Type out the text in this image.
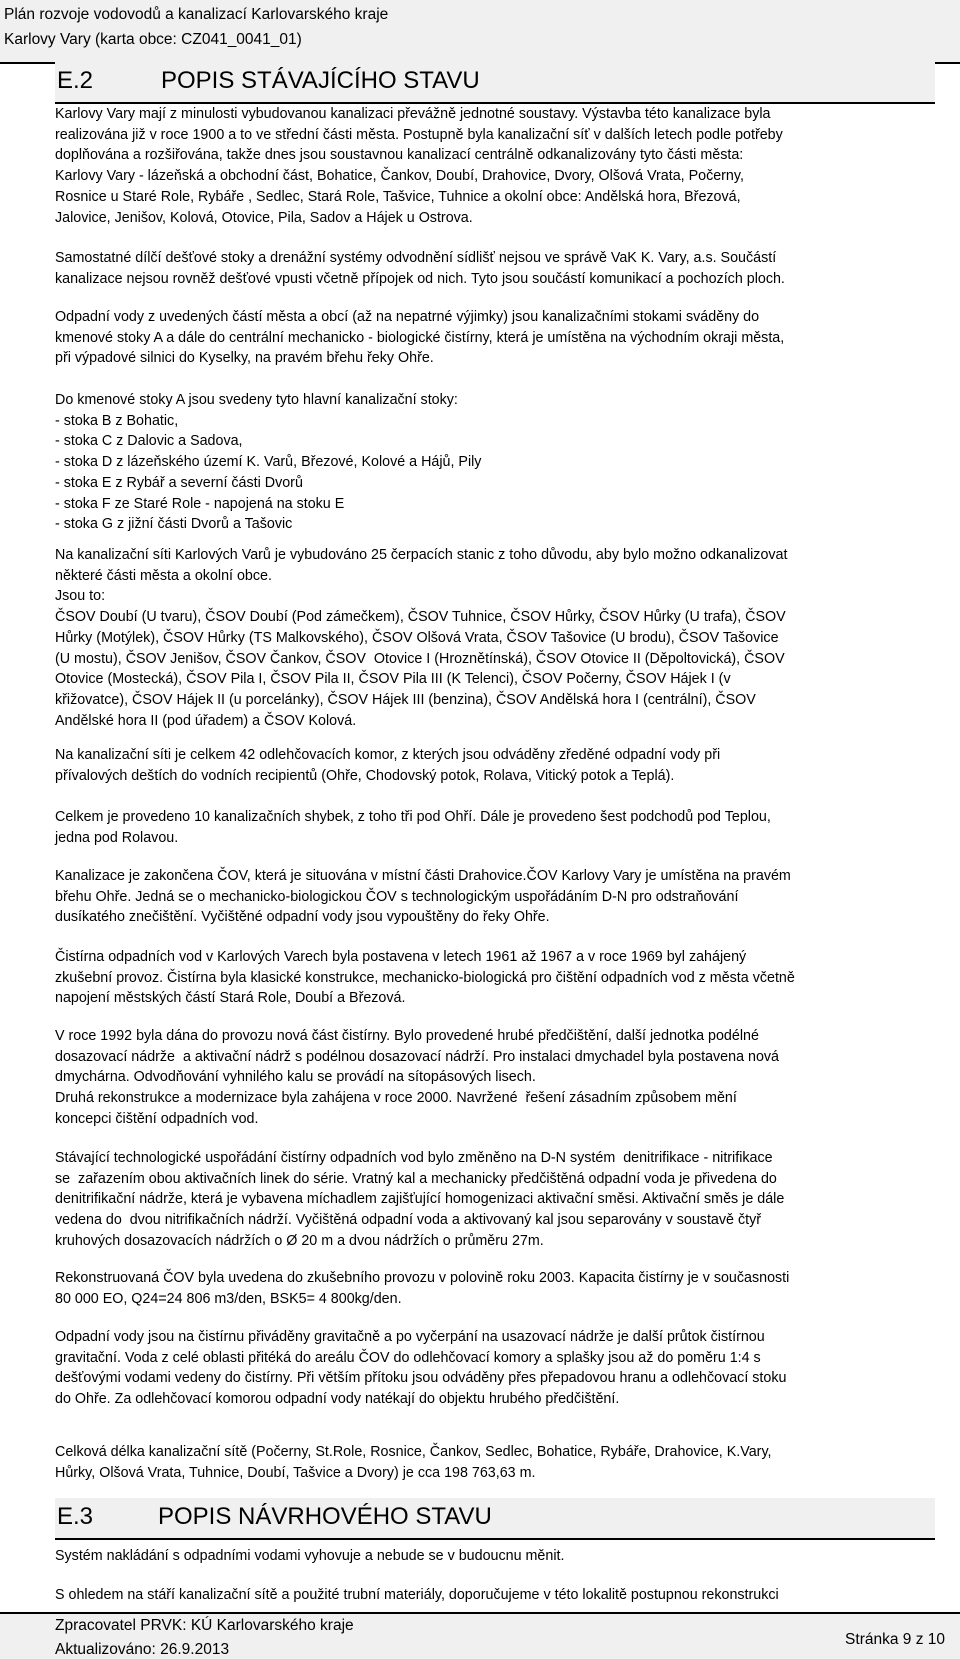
Plán rozvoje vodovodů a kanalizací Karlovarského kraje
Karlovy Vary (karta obce: CZ041_0041_01)
E.2	POPIS STÁVAJÍCÍHO STAVU
Karlovy Vary mají z minulosti vybudovanou kanalizaci převážně jednotné soustavy. Výstavba této kanalizace byla
realizována již v roce 1900 a to ve střední části města. Postupně byla kanalizační síť v dalších letech podle potřeby
doplňována a rozšiřována, takže dnes jsou soustavnou kanalizací centrálně odkanalizovány tyto části města:
Karlovy Vary - lázeňská a obchodní část, Bohatice, Čankov, Doubí, Drahovice, Dvory, Olšová Vrata, Počerny,
Rosnice u Staré Role, Rybáře , Sedlec, Stará Role, Tašvice, Tuhnice a okolní obce: Andělská hora, Březová,
Jalovice, Jenišov, Kolová, Otovice, Pila, Sadov a Hájek u Ostrova.
Samostatné dílčí dešťové stoky a drenážní systémy odvodnění sídlišť nejsou ve správě VaK K. Vary, a.s. Součástí
kanalizace nejsou rovněž dešťové vpusti včetně přípojek od nich. Tyto jsou součástí komunikací a pochozích ploch.
Odpadní vody z uvedených částí města a obcí (až na nepatrné výjimky) jsou kanalizačními stokami sváděny do
kmenové stoky A a dále do centrální mechanicko - biologické čistírny, která je umístěna na východním okraji města,
při výpadové silnici do Kyselky, na pravém břehu řeky Ohře.
Do kmenové stoky A jsou svedeny tyto hlavní kanalizační stoky:
- stoka B z Bohatic,
- stoka C z Dalovic a Sadova,
- stoka D z lázeňského území K. Varů, Březové, Kolové a Hájů, Pily
- stoka E z Rybář a severní části Dvorů
- stoka F ze Staré Role - napojená na stoku E
- stoka G z jižní části Dvorů a Tašovic
Na kanalizační síti Karlových Varů je vybudováno 25 čerpacích stanic z toho důvodu, aby bylo možno odkanalizovat
některé části města a okolní obce.
Jsou to:
ČSOV Doubí (U tvaru), ČSOV Doubí (Pod zámečkem), ČSOV Tuhnice, ČSOV Hůrky, ČSOV Hůrky (U trafa), ČSOV
Hůrky (Motýlek), ČSOV Hůrky (TS Malkovského), ČSOV Olšová Vrata, ČSOV Tašovice (U brodu), ČSOV Tašovice
(U mostu), ČSOV Jenišov, ČSOV Čankov, ČSOV  Otovice I (Hroznětínská), ČSOV Otovice II (Děpoltovická), ČSOV
Otovice (Mostecká), ČSOV Pila I, ČSOV Pila II, ČSOV Pila III (K Telenci), ČSOV Počerny, ČSOV Hájek I (v
křižovatce), ČSOV Hájek II (u porcelánky), ČSOV Hájek III (benzina), ČSOV Andělská hora I (centrální), ČSOV
Andělské hora II (pod úřadem) a ČSOV Kolová.
Na kanalizační síti je celkem 42 odlehčovacích komor, z kterých jsou odváděny zředěné odpadní vody při
přívalových deštích do vodních recipientů (Ohře, Chodovský potok, Rolava, Vitický potok a Teplá).
Celkem je provedeno 10 kanalizačních shybek, z toho tři pod Ohří. Dále je provedeno šest podchodů pod Teplou,
jedna pod Rolavou.
Kanalizace je zakončena ČOV, která je situována v místní části Drahovice.ČOV Karlovy Vary je umístěna na pravém
břehu Ohře. Jedná se o mechanicko-biologickou ČOV s technologickým uspořádáním D-N pro odstraňování
dusíkatého znečištění. Vyčištěné odpadní vody jsou vypouštěny do řeky Ohře.
Čistírna odpadních vod v Karlových Varech byla postavena v letech 1961 až 1967 a v roce 1969 byl zahájený
zkušební provoz. Čistírna byla klasické konstrukce, mechanicko-biologická pro čištění odpadních vod z města včetně
napojení městských částí Stará Role, Doubí a Březová.
V roce 1992 byla dána do provozu nová část čistírny. Bylo provedené hrubé předčištění, další jednotka podélné
dosazovací nádrže  a aktivační nádrž s podélnou dosazovací nádrží. Pro instalaci dmychadel byla postavena nová
dmychárna. Odvodňování vyhnilého kalu se provádí na sítopásových lisech.
Druhá rekonstrukce a modernizace byla zahájena v roce 2000. Navržené  řešení zásadním způsobem mění
koncepci čištění odpadních vod.
Stávající technologické uspořádání čistírny odpadních vod bylo změněno na D-N systém  denitrifikace - nitrifikace
se  zařazením obou aktivačních linek do série. Vratný kal a mechanicky předčištěná odpadní voda je přivedena do
denitrifikační nádrže, která je vybavena míchadlem zajišťující homogenizaci aktivační směsi. Aktivační směs je dále
vedena do  dvou nitrifikačních nádrží. Vyčištěná odpadní voda a aktivovaný kal jsou separovány v soustavě čtyř
kruhových dosazovacích nádržích o Ø 20 m a dvou nádržích o průměru 27m.
Rekonstruovaná ČOV byla uvedena do zkušebního provozu v polovině roku 2003. Kapacita čistírny je v současnosti
80 000 EO, Q24=24 806 m3/den, BSK5= 4 800kg/den.
Odpadní vody jsou na čistírnu přiváděny gravitačně a po vyčerpání na usazovací nádrže je další průtok čistírnou
gravitační. Voda z celé oblasti přitéká do areálu ČOV do odlehčovací komory a splašky jsou až do poměru 1:4 s
dešťovými vodami vedeny do čistírny. Při větším přítoku jsou odváděny přes přepadovou hranu a odlehčovací stoku
do Ohře. Za odlehčovací komorou odpadní vody natékají do objektu hrubého předčištění.
Celková délka kanalizační sítě (Počerny, St.Role, Rosnice, Čankov, Sedlec, Bohatice, Rybáře, Drahovice, K.Vary,
Hůrky, Olšová Vrata, Tuhnice, Doubí, Tašvice a Dvory) je cca 198 763,63 m.
E.3	POPIS NÁVRHOVÉHO STAVU
Systém nakládání s odpadními vodami vyhovuje a nebude se v budoucnu měnit.
S ohledem na stáří kanalizační sítě a použité trubní materiály, doporučujeme v této lokalitě postupnou rekonstrukci
Zpracovatel PRVK: KÚ Karlovarského kraje
Aktualizováno: 26.9.2013
Stránka 9 z 10
